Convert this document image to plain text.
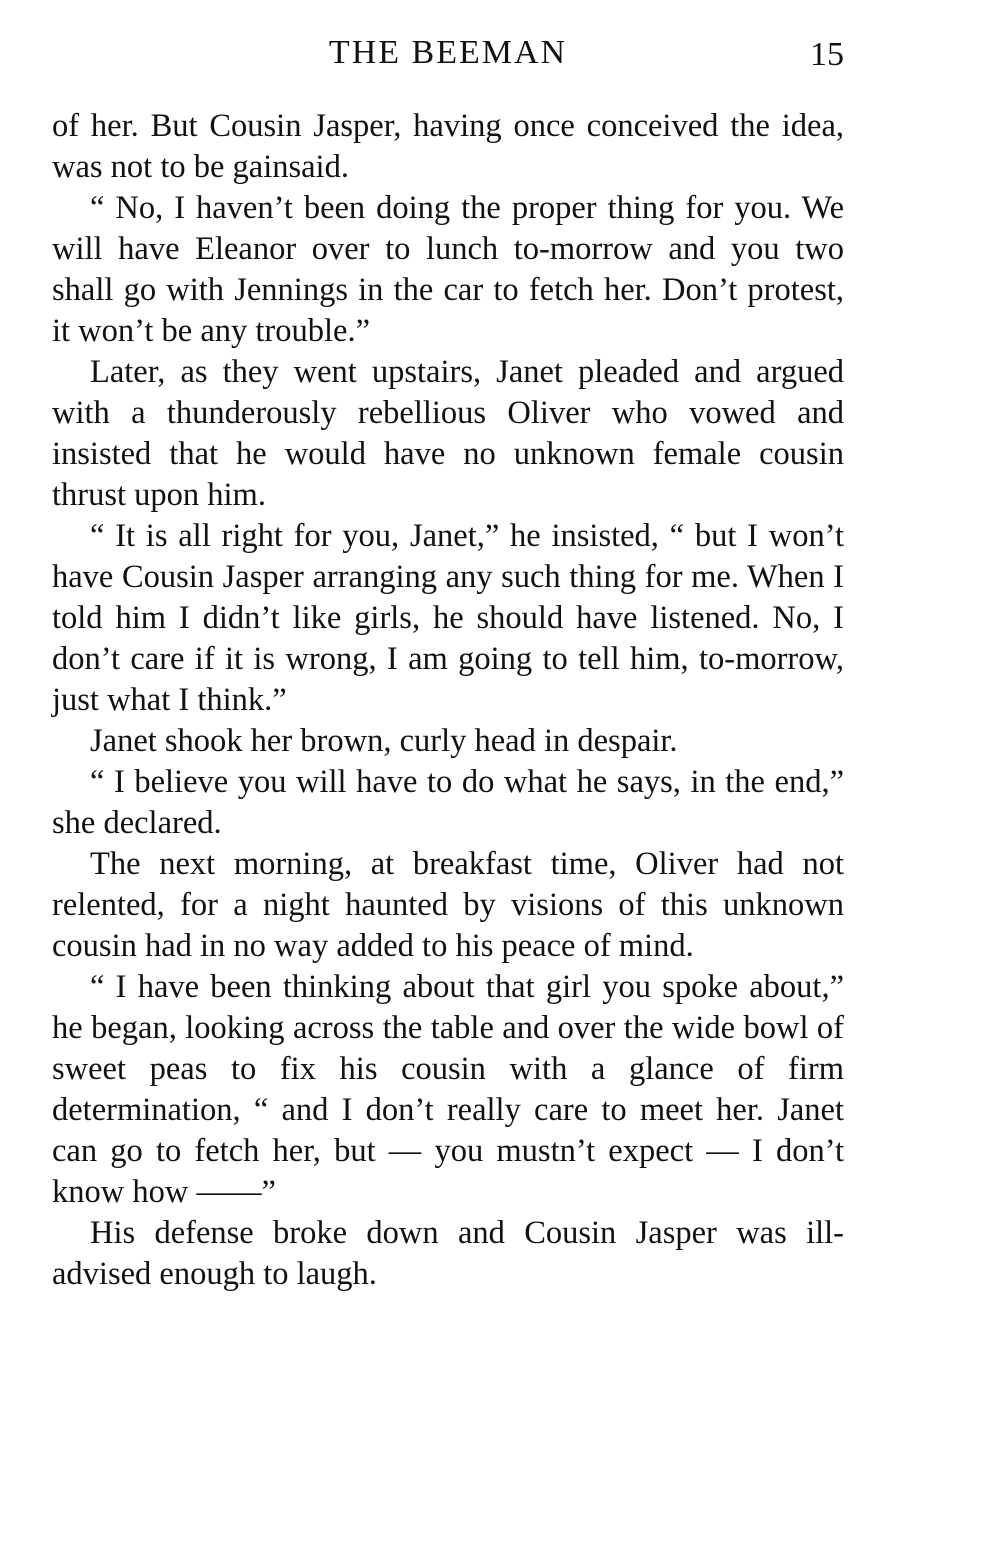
THE BEEMAN	15

of her. But Cousin Jasper, having once conceived the idea, was not to be gainsaid.

“ No, I haven’t been doing the proper thing for you. We will have Eleanor over to lunch to-morrow and you two shall go with Jennings in the car to fetch her. Don’t protest, it won’t be any trouble.”

Later, as they went upstairs, Janet pleaded and argued with a thunderously rebellious Oliver who vowed and insisted that he would have no unknown female cousin thrust upon him.

“ It is all right for you, Janet,” he insisted, “ but I won’t have Cousin Jasper arranging any such thing for me. When I told him I didn’t like girls, he should have listened. No, I don’t care if it is wrong, I am going to tell him, to-morrow, just what I think.”

Janet shook her brown, curly head in despair.

“ I believe you will have to do what he says, in the end,” she declared.

The next morning, at breakfast time, Oliver had not relented, for a night haunted by visions of this unknown cousin had in no way added to his peace of mind.

“ I have been thinking about that girl you spoke about,” he began, looking across the table and over the wide bowl of sweet peas to fix his cousin with a glance of firm determination, “ and I don’t really care to meet her. Janet can go to fetch her, but — you mustn’t expect — I don’t know how ——”

His defense broke down and Cousin Jasper was ill-advised enough to laugh.
